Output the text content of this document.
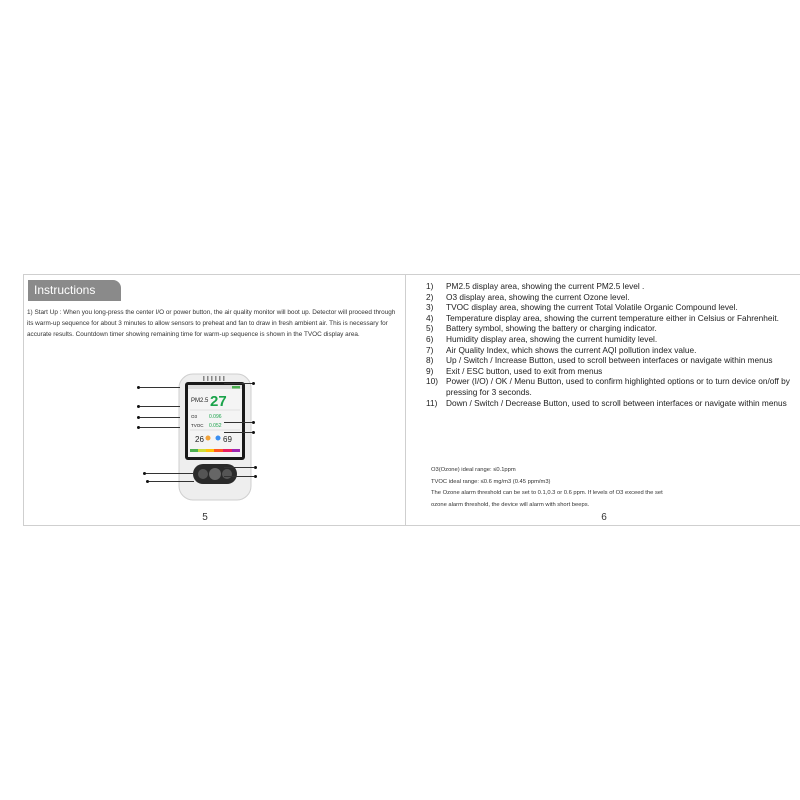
Instructions
1) Start Up : When you long-press the center I/O or power button, the air quality monitor will boot up. Detector will proceed through its warm-up sequence for about 3 minutes to allow sensors to preheat and fan to draw in fresh ambient air. This is necessary for accurate results. Countdown timer showing remaining time for warm-up sequence is shown in the TVOC display area.
PM2.5 27
O3 0.096
TVOC 0.052
26 69
5
1)	PM2.5 display area, showing the current PM2.5 level .
2)	O3 display area, showing the current Ozone level.
3)	TVOC display area, showing the current Total Volatile Organic Compound level.
4)	Temperature display area, showing the current temperature either in Celsius or Fahrenheit.
5)	Battery symbol, showing the battery or charging indicator.
6)	Humidity display area, showing the current humidity level.
7)	Air Quality Index, which shows the current AQI pollution index value.
8)	Up / Switch / Increase Button, used to scroll between interfaces or navigate within menus
9)	Exit / ESC button, used to exit from menus
10) Power (I/O) / OK / Menu Button, used to confirm highlighted options or to turn device on/off by pressing for 3 seconds.
11)	Down / Switch / Decrease Button, used to scroll between interfaces or navigate within menus
O3(Ozone) ideal range: ≤0.1ppm
TVOC ideal range: ≤0.6 mg/m3 (0.45 ppm/m3)
The Ozone alarm threshold can be set to 0.1,0.3 or 0.6 ppm. If levels of O3 exceed the set
ozone alarm threshold, the device will alarm with short beeps.
6
